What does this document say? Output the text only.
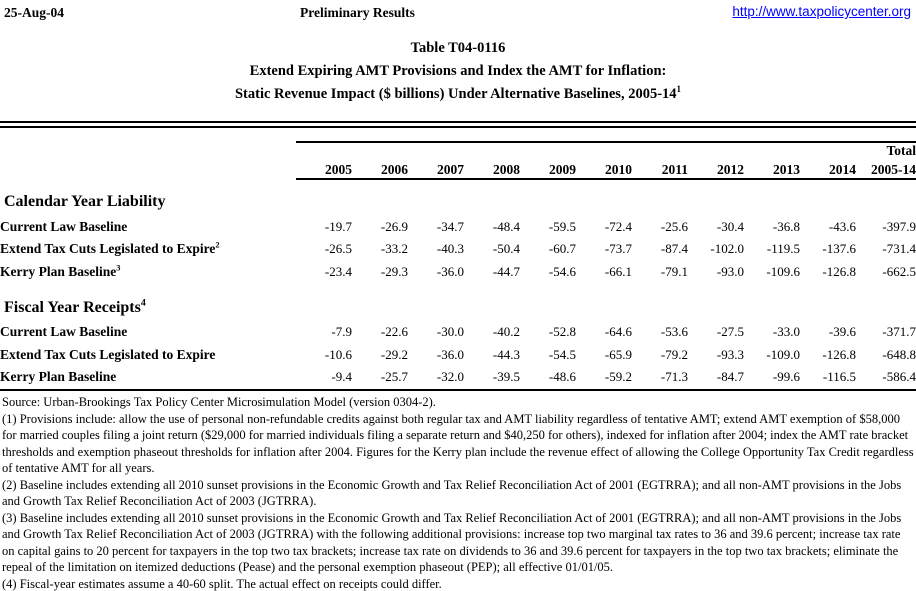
25-Aug-04	Preliminary Results	http://www.taxpolicycenter.org
Table T04-0116
Extend Expiring AMT Provisions and Index the AMT for Inflation:
Static Revenue Impact ($ billions) Under Alternative Baselines, $2005-14^1$
											Total
	2005	2006	2007	2008	2009	2010	2011	2012	2013	2014	2005-14
Calendar Year Liability											
Current Law Baseline	-19.7	-26.9	-34.7	-48.4	-59.5	-72.4	-25.6	-30.4	-36.8	-43.6	-397.9
Extend Tax Cuts Legislated to Expire$^2$	-26.5	-33.2	-40.3	-50.4	-60.7	-73.7	-87.4	-102.0	-119.5	-137.6	-731.4
Kerry Plan Baseline$^3$	-23.4	-29.3	-36.0	-44.7	-54.6	-66.1	-79.1	-93.0	-109.6	-126.8	-662.5
Fiscal Year Receipts$^4$
Current Law Baseline	-7.9	-22.6	-30.0	-40.2	-52.8	-64.6	-53.6	-27.5	-33.0	-39.6	-371.7
Extend Tax Cuts Legislated to Expire	-10.6	-29.2	-36.0	-44.3	-54.5	-65.9	-79.2	-93.3	-109.0	-126.8	-648.8
Kerry Plan Baseline	-9.4	-25.7	-32.0	-39.5	-48.6	-59.2	-71.3	-84.7	-99.6	-116.5	-586.4

Source: Urban-Brookings Tax Policy Center Microsimulation Model (version 0304-2).

(1) Provisions include: allow the use of personal non-refundable credits against both regular tax and AMT liability regardless of tentative AMT; extend AMT exemption of $58,000 for married couples filing a joint return ($29,000 for married individuals filing a separate return and $40,250 for others), indexed for inflation after 2004; index the AMT rate bracket thresholds and exemption phaseout thresholds for inflation after 2004. Figures for the Kerry plan include the revenue effect of allowing the College Opportunity Tax Credit regardless of tentative AMT for all years.

(2) Baseline includes extending all 2010 sunset provisions in the Economic Growth and Tax Relief Reconciliation Act of 2001 (EGTRRA); and all non-AMT provisions in the Jobs and Growth Tax Relief Reconciliation Act of 2003 (JGTRRA).

(3) Baseline includes extending all 2010 sunset provisions in the Economic Growth and Tax Relief Reconciliation Act of 2001 (EGTRRA); and all non-AMT provisions in the Jobs and Growth Tax Relief Reconciliation Act of 2003 (JGTRRA) with the following additional provisions: increase top two marginal tax rates to 36 and 39.6 percent; increase tax rate on capital gains to 20 percent for taxpayers in the top two tax brackets; increase tax rate on dividends to 36 and 39.6 percent for taxpayers in the top two tax brackets; eliminate the repeal of the limitation on itemized deductions (Pease) and the personal exemption phaseout (PEP); all effective 01/01/05.

(4) Fiscal-year estimates assume a 40-60 split. The actual effect on receipts could differ.
